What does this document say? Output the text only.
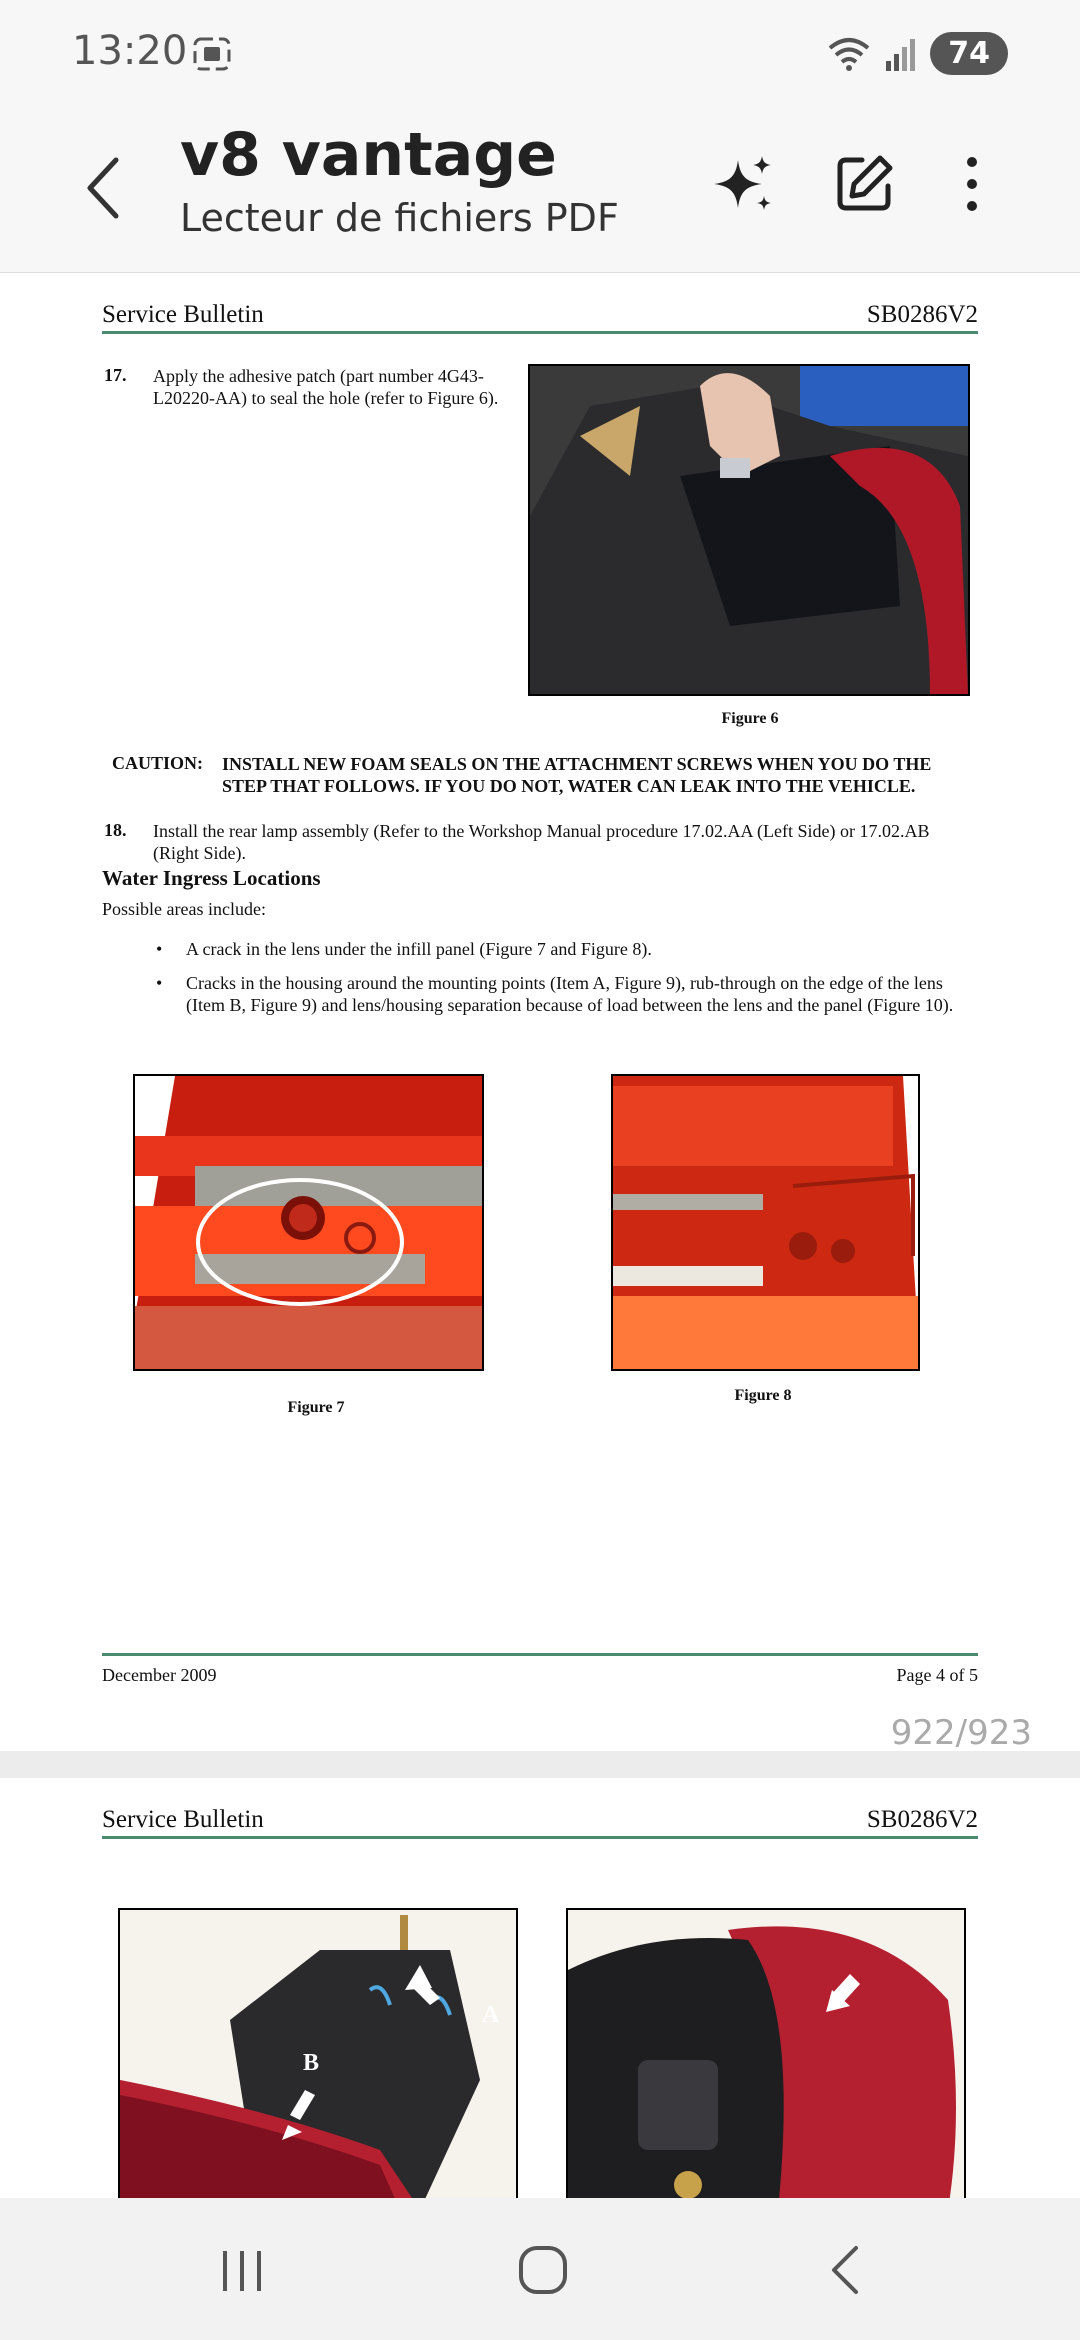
13:20	74
v8 vantage
Lecteur de fichiers PDF
Service Bulletin	SB0286V2
17. Apply the adhesive patch (part number 4G43-L20220-AA) to seal the hole (refer to Figure 6).
Figure 6
CAUTION: INSTALL NEW FOAM SEALS ON THE ATTACHMENT SCREWS WHEN YOU DO THE STEP THAT FOLLOWS. IF YOU DO NOT, WATER CAN LEAK INTO THE VEHICLE.
18. Install the rear lamp assembly (Refer to the Workshop Manual procedure 17.02.AA (Left Side) or 17.02.AB (Right Side).
Water Ingress Locations
Possible areas include:
• A crack in the lens under the infill panel (Figure 7 and Figure 8).
• Cracks in the housing around the mounting points (Item A, Figure 9), rub-through on the edge of the lens (Item B, Figure 9) and lens/housing separation because of load between the lens and the panel (Figure 10).
Figure 7
Figure 8
December 2009	Page 4 of 5
922/923
Service Bulletin	SB0286V2
A
B
